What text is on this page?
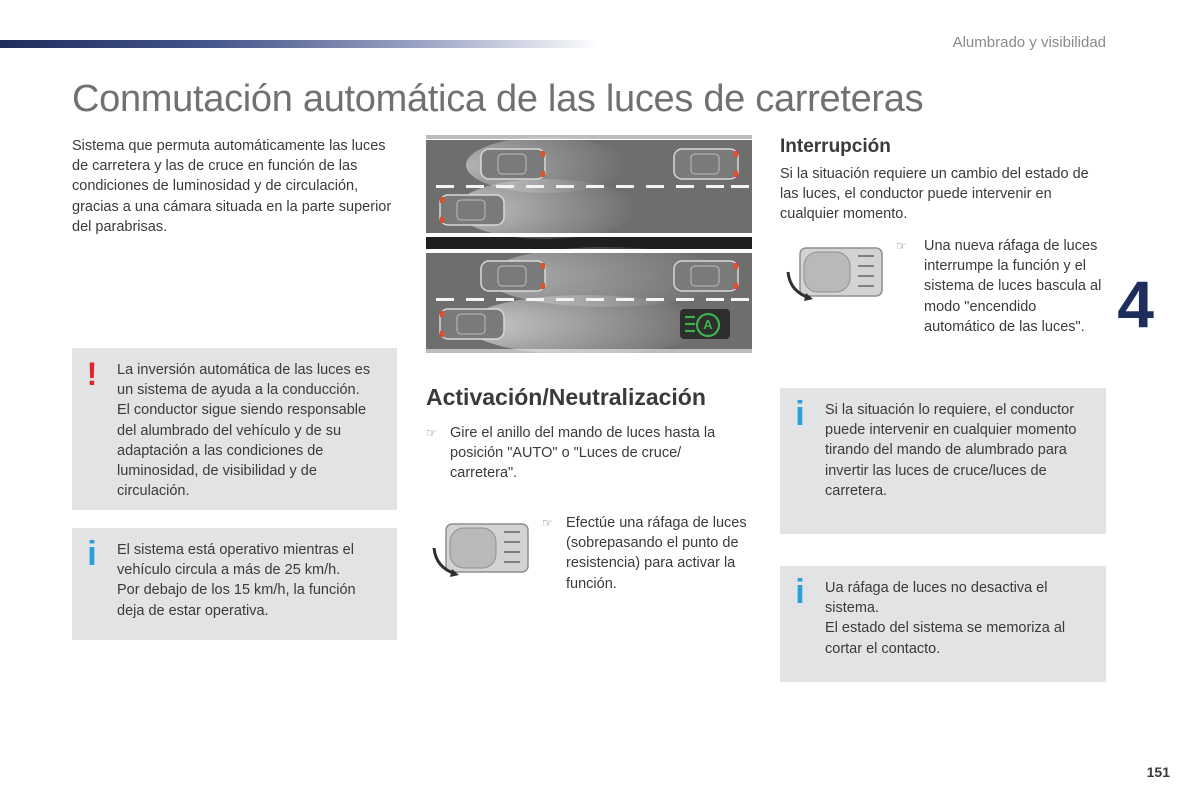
Alumbrado y visibilidad
Conmutación automática de las luces de carreteras
4
151

Sistema que permuta automáticamente las luces de carretera y las de cruce en función de las condiciones de luminosidad y de circulación, gracias a una cámara situada en la parte superior del parabrisas.

! La inversión automática de las luces es un sistema de ayuda a la conducción.
El conductor sigue siendo responsable del alumbrado del vehículo y de su adaptación a las condiciones de luminosidad, de visibilidad y de circulación.

i El sistema está operativo mientras el vehículo circula a más de 25 km/h.
Por debajo de los 15 km/h, la función deja de estar operativa.

A
Activación/Neutralización
☞ Gire el anillo del mando de luces hasta la posición "AUTO" o "Luces de cruce/ carretera".

☞ Efectúe una ráfaga de luces (sobrepasando el punto de resistencia) para activar la función.

Interrupción

Si la situación requiere un cambio del estado de las luces, el conductor puede intervenir en cualquier momento.

☞	Una nueva ráfaga de luces interrumpe la función y el sistema de luces bascula al modo "encendido automático de las luces".

i Si la situación lo requiere, el conductor puede intervenir en cualquier momento tirando del mando de alumbrado para invertir las luces de cruce/luces de carretera.

i Ua ráfaga de luces no desactiva el sistema.
El estado del sistema se memoriza al cortar el contacto.
